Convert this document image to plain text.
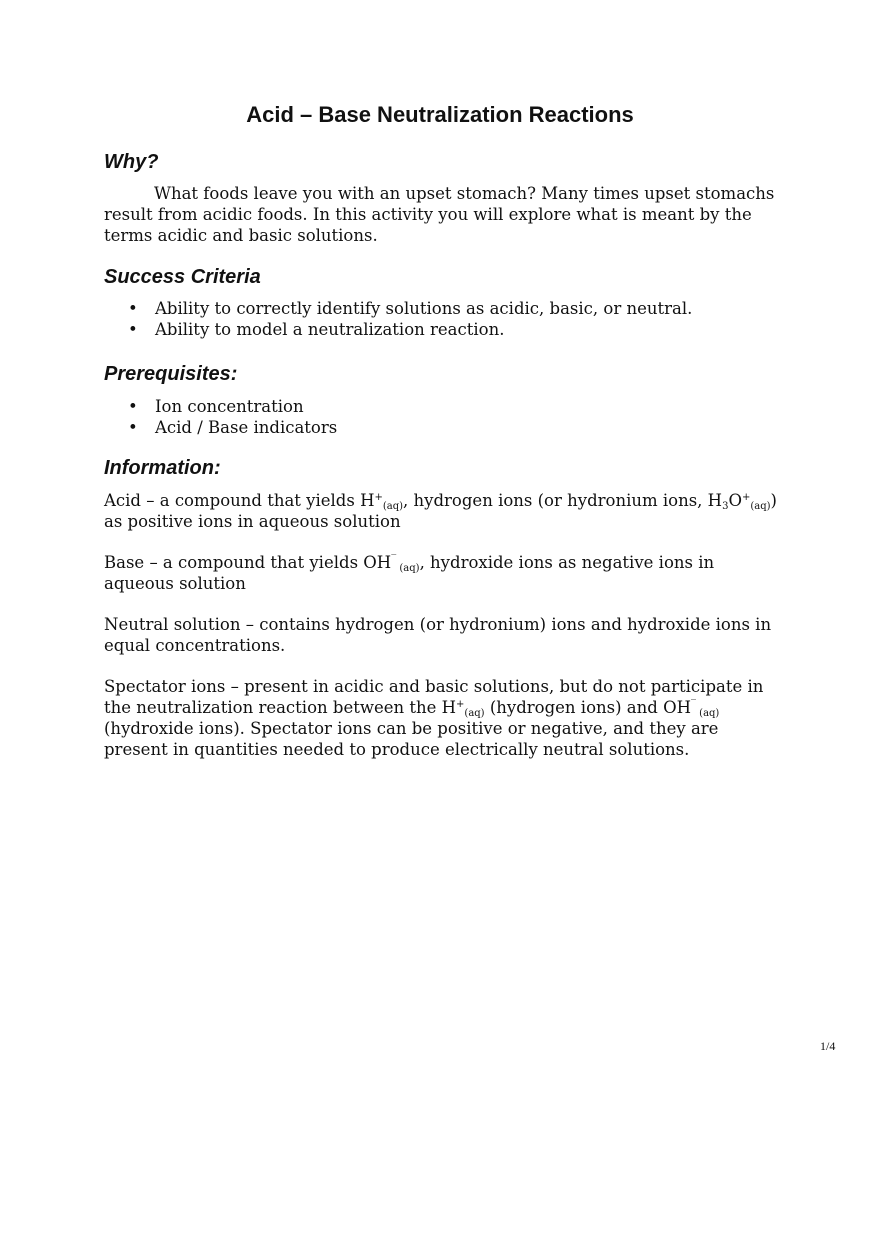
Acid – Base Neutralization Reactions
Why?

What foods leave you with an upset stomach? Many times upset stomachs result from acidic foods. In this activity you will explore what is meant by the terms acidic and basic solutions.

Success Criteria
• Ability to correctly identify solutions as acidic, basic, or neutral.
• Ability to model a neutralization reaction.
Prerequisites:
• Ion concentration
• Acid / Base indicators
Information:

Acid – a compound that yields $H^+_{(aq)}$, hydrogen ions (or hydronium ions, $H_3O^+_{(aq)}$) as positive ions in aqueous solution

Base – a compound that yields OH‾ $_{(aq)}$, hydroxide ions as negative ions in aqueous solution

Neutral solution – contains hydrogen (or hydronium) ions and hydroxide ions in equal concentrations.

Spectator ions – present in acidic and basic solutions, but do not participate in the neutralization reaction between the $H^+_{(aq)}$ (hydrogen ions) and OH‾ $_{(aq)}$ (hydroxide ions). Spectator ions can be positive or negative, and they are present in quantities needed to produce electrically neutral solutions.

1/4
